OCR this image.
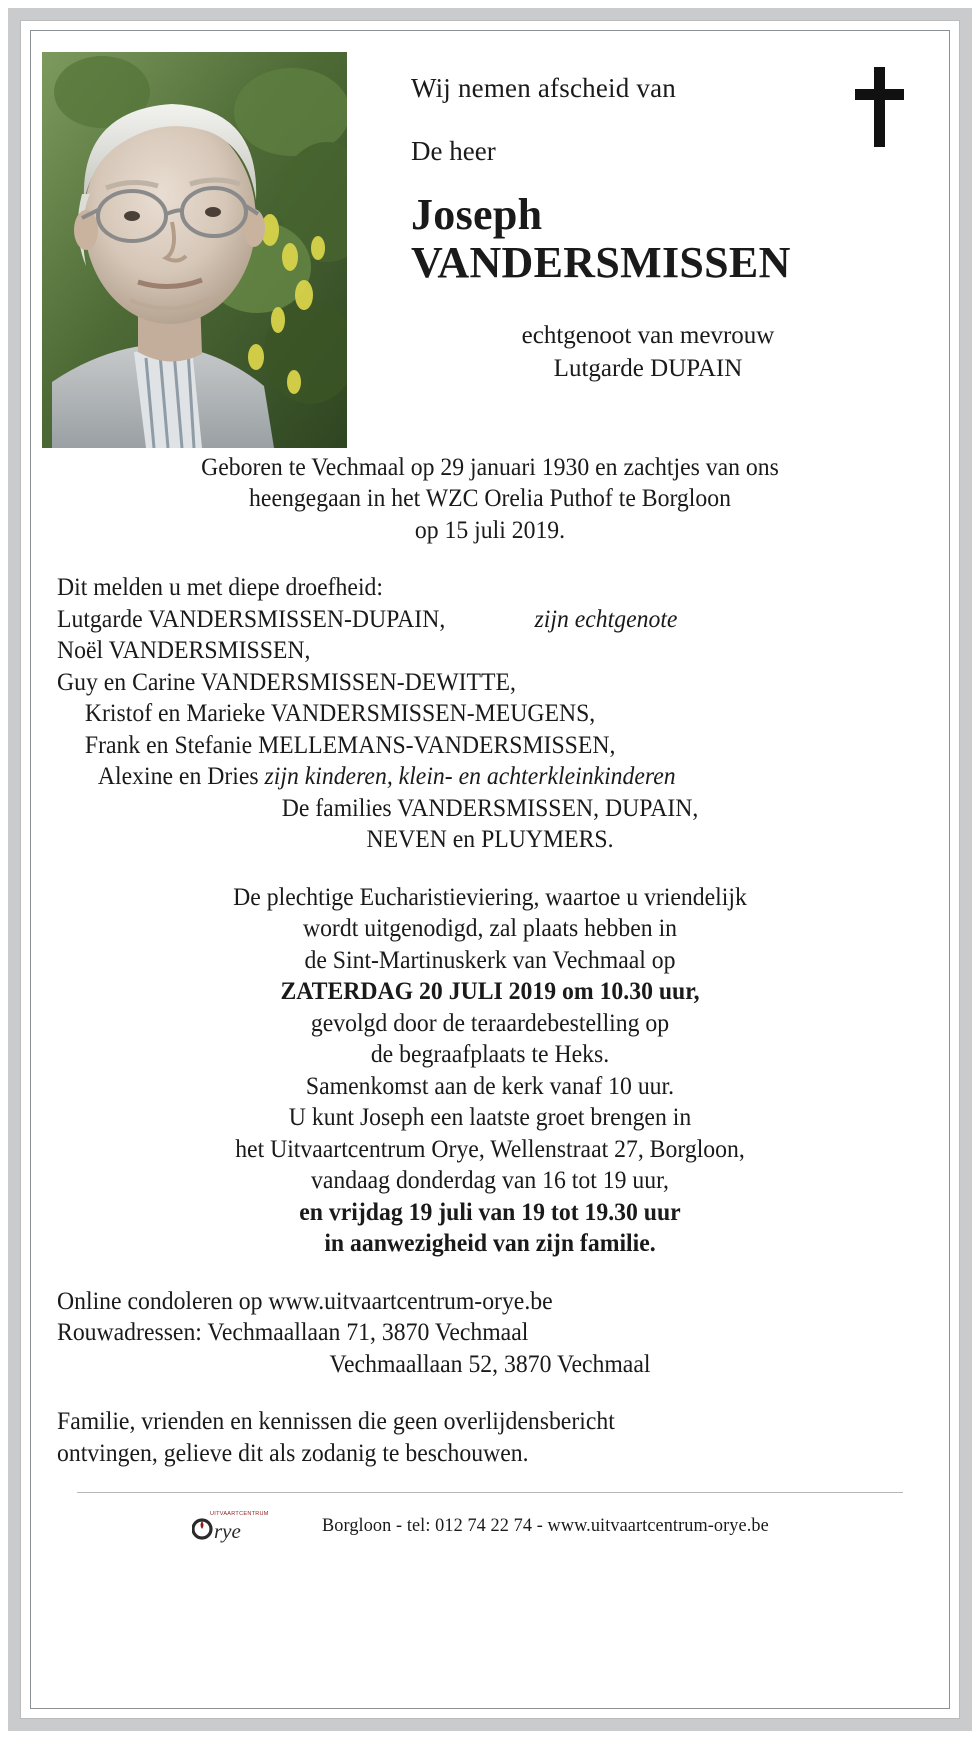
Wij nemen afscheid van
De heer
Joseph
VANDERSMISSEN
echtgenoot van mevrouw
Lutgarde DUPAIN
Geboren te Vechmaal op 29 januari 1930 en zachtjes van ons
heengegaan in het WZC Orelia Puthof te Borgloon
op 15 juli 2019.
Dit melden u met diepe droefheid:
Lutgarde VANDERSMISSEN-DUPAIN,	zijn echtgenote
Noël VANDERSMISSEN,
Guy en Carine VANDERSMISSEN-DEWITTE,
Kristof en Marieke VANDERSMISSEN-MEUGENS,
Frank en Stefanie MELLEMANS-VANDERSMISSEN,
Alexine en Dries zijn kinderen, klein- en achterkleinkinderen
De families VANDERSMISSEN, DUPAIN,
NEVEN en PLUYMERS.
De plechtige Eucharistieviering, waartoe u vriendelijk
wordt uitgenodigd, zal plaats hebben in
de Sint-Martinuskerk van Vechmaal op
ZATERDAG 20 JULI 2019 om 10.30 uur,
gevolgd door de teraardebestelling op
de begraafplaats te Heks.
Samenkomst aan de kerk vanaf 10 uur.
U kunt Joseph een laatste groet brengen in
het Uitvaartcentrum Orye, Wellenstraat 27, Borgloon,
vandaag donderdag van 16 tot 19 uur,
en vrijdag 19 juli van 19 tot 19.30 uur
in aanwezigheid van zijn familie.
Online condoleren op www.uitvaartcentrum-orye.be
Rouwadressen: Vechmaallaan 71, 3870 Vechmaal
Vechmaallaan 52, 3870 Vechmaal
Familie, vrienden en kennissen die geen overlijdensbericht
ontvingen, gelieve dit als zodanig te beschouwen.
UITVAARTCENTRUM
rye	Borgloon - tel: 012 74 22 74 - www.uitvaartcentrum-orye.be
